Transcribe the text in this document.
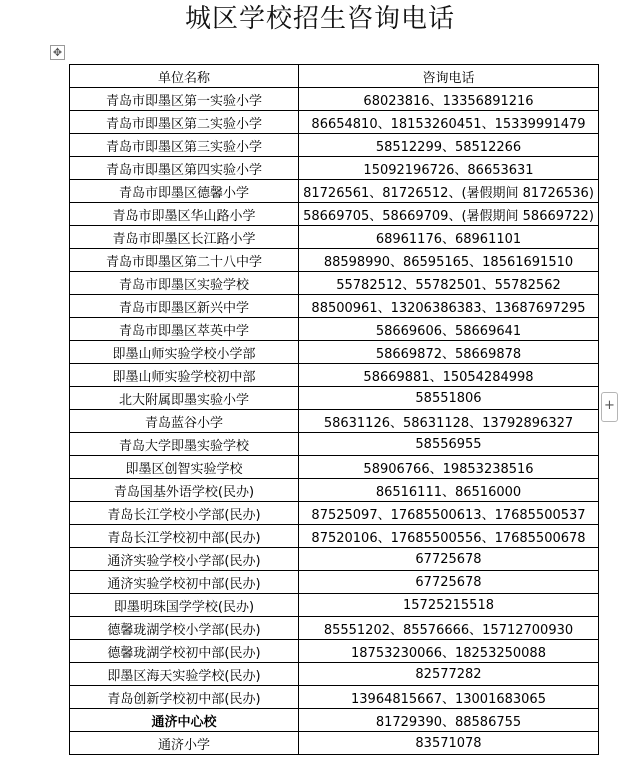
城区学校招生咨询电话
✥
单位名称	咨询电话
青岛市即墨区第一实验小学	68023816、13356891216
青岛市即墨区第二实验小学	86654810、18153260451、15339991479
青岛市即墨区第三实验小学	58512299、58512266
青岛市即墨区第四实验小学	15092196726、86653631
青岛市即墨区德馨小学	81726561、81726512、(暑假期间 81726536)
青岛市即墨区华山路小学	58669705、58669709、(暑假期间 58669722)
青岛市即墨区长江路小学	68961176、68961101
青岛市即墨区第二十八中学	88598990、86595165、18561691510
青岛市即墨区实验学校	55782512、55782501、55782562
青岛市即墨区新兴中学	88500961、13206386383、13687697295
青岛市即墨区萃英中学	58669606、58669641
即墨山师实验学校小学部	58669872、58669878
即墨山师实验学校初中部	58669881、15054284998
北大附属即墨实验小学	58551806
青岛蓝谷小学	58631126、58631128、13792896327
青岛大学即墨实验学校	58556955
即墨区创智实验学校	58906766、19853238516
青岛国基外语学校(民办)	86516111、86516000
青岛长江学校小学部(民办)	87525097、17685500613、17685500537
青岛长江学校初中部(民办)	87520106、17685500556、17685500678
通济实验学校小学部(民办)	67725678
通济实验学校初中部(民办)	67725678
即墨明珠国学学校(民办)	15725215518
德馨珑湖学校小学部(民办)	85551202、85576666、15712700930
德馨珑湖学校初中部(民办)	18753230066、18253250088
即墨区海天实验学校(民办)	82577282
青岛创新学校初中部(民办)	13964815667、13001683065
通济中心校	81729390、88586755
通济小学	83571078
+
